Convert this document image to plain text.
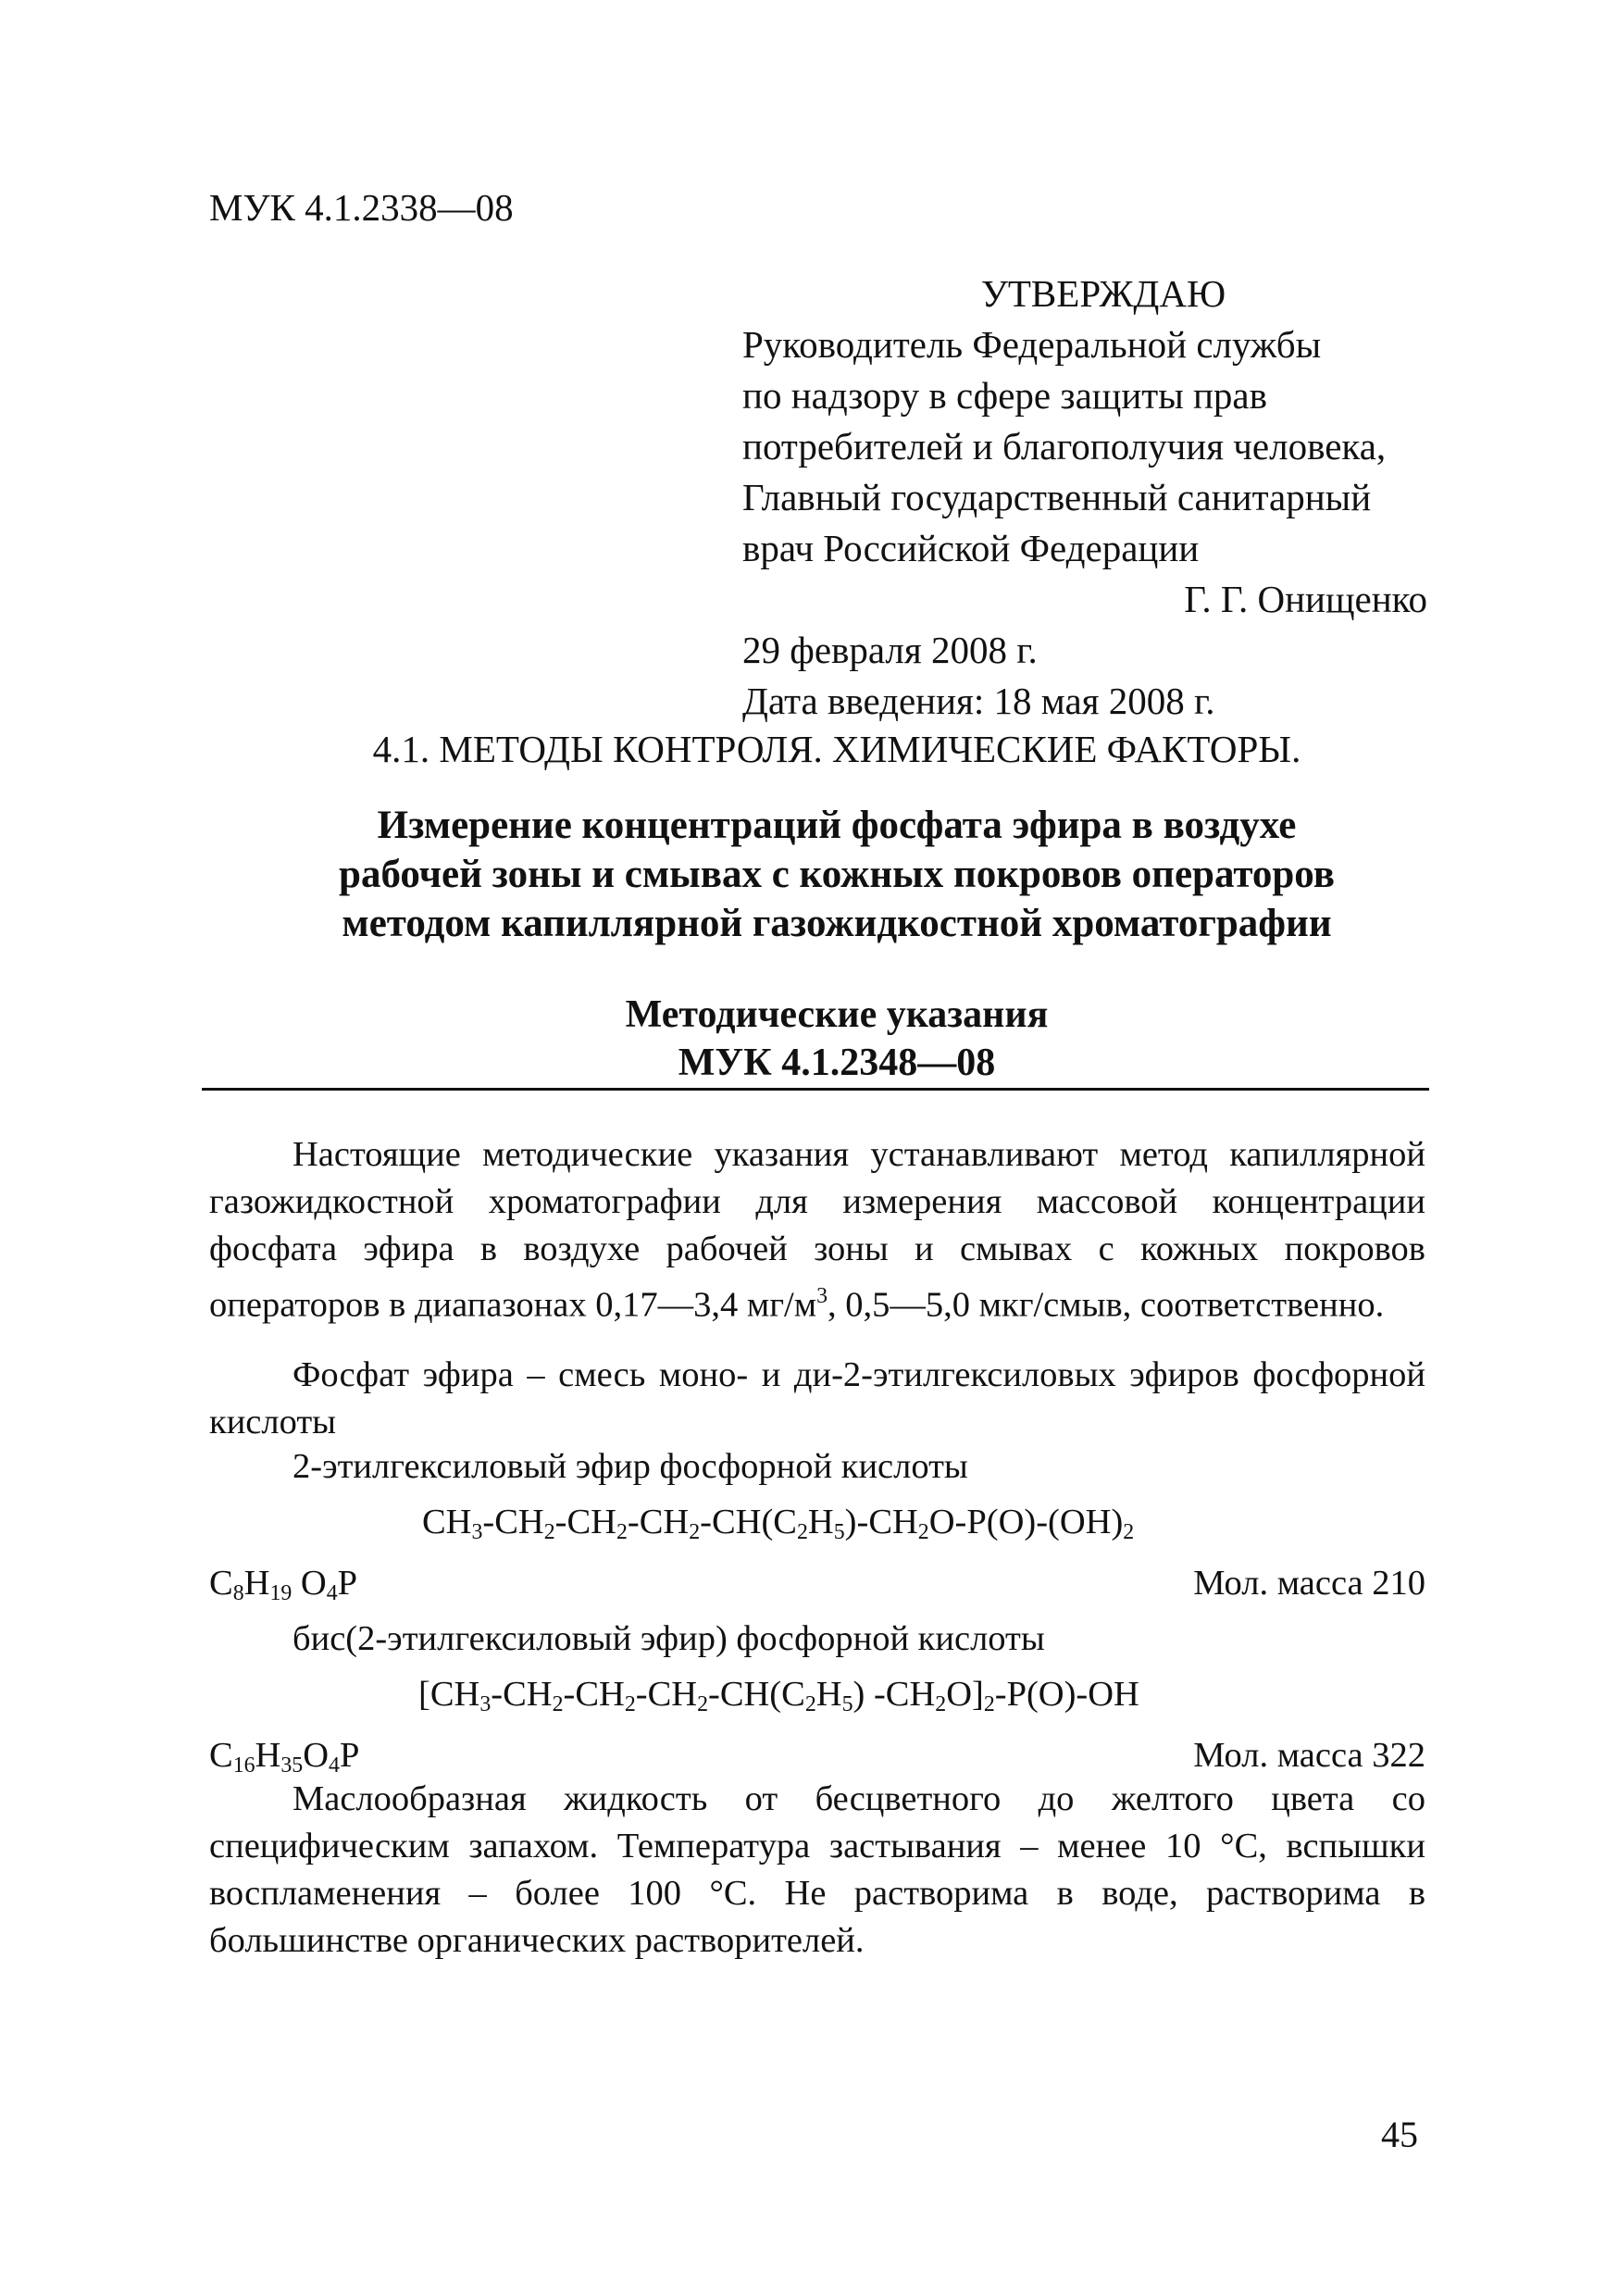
МУК 4.1.2338—08
УТВЕРЖДАЮ
Руководитель Федеральной службы
по надзору в сфере защиты прав
потребителей и благополучия человека,
Главный государственный санитарный
врач Российской Федерации
Г. Г. Онищенко
29 февраля 2008 г.
Дата введения: 18 мая 2008 г.
4.1. МЕТОДЫ КОНТРОЛЯ. ХИМИЧЕСКИЕ ФАКТОРЫ.
Измерение концентраций фосфата эфира в воздухе
рабочей зоны и смывах с кожных покровов операторов
методом капиллярной газожидкостной хроматографии
Методические указания
МУК 4.1.2348—08
Настоящие методические указания устанавливают метод капиллярной газожидкостной хроматографии для измерения массовой концентрации фосфата эфира в воздухе рабочей зоны и смывах с кожных покровов операторов в диапазонах 0,17—3,4 $мг/м^3$, 0,5—5,0 мкг/смыв, соответственно.
Фосфат эфира – смесь моно- и ди-2-этилгексиловых эфиров фосфорной кислоты
2-этилгексиловый эфир фосфорной кислоты
$CH_3-CH_2-CH_2-CH_2-CH(C_2H_5)-CH_2O-P(O)-(OH)_2$
$C_8H_{19}$ $O_4P$	Мол. масса 210
бис(2-этилгексиловый эфир) фосфорной кислоты
[$CH_3-CH_2-CH_2-CH_2-CH(C_2H_5)$ $-CH_2O]_2-P(O)-OH$
$C_{16}H_{35}O_4P$	Мол. масса 322
Маслообразная жидкость от бесцветного до желтого цвета со специфическим запахом. Температура застывания – менее 10 °С, вспышки воспламенения – более 100 °С. Не растворима в воде, растворима в большинстве органических растворителей.
45
